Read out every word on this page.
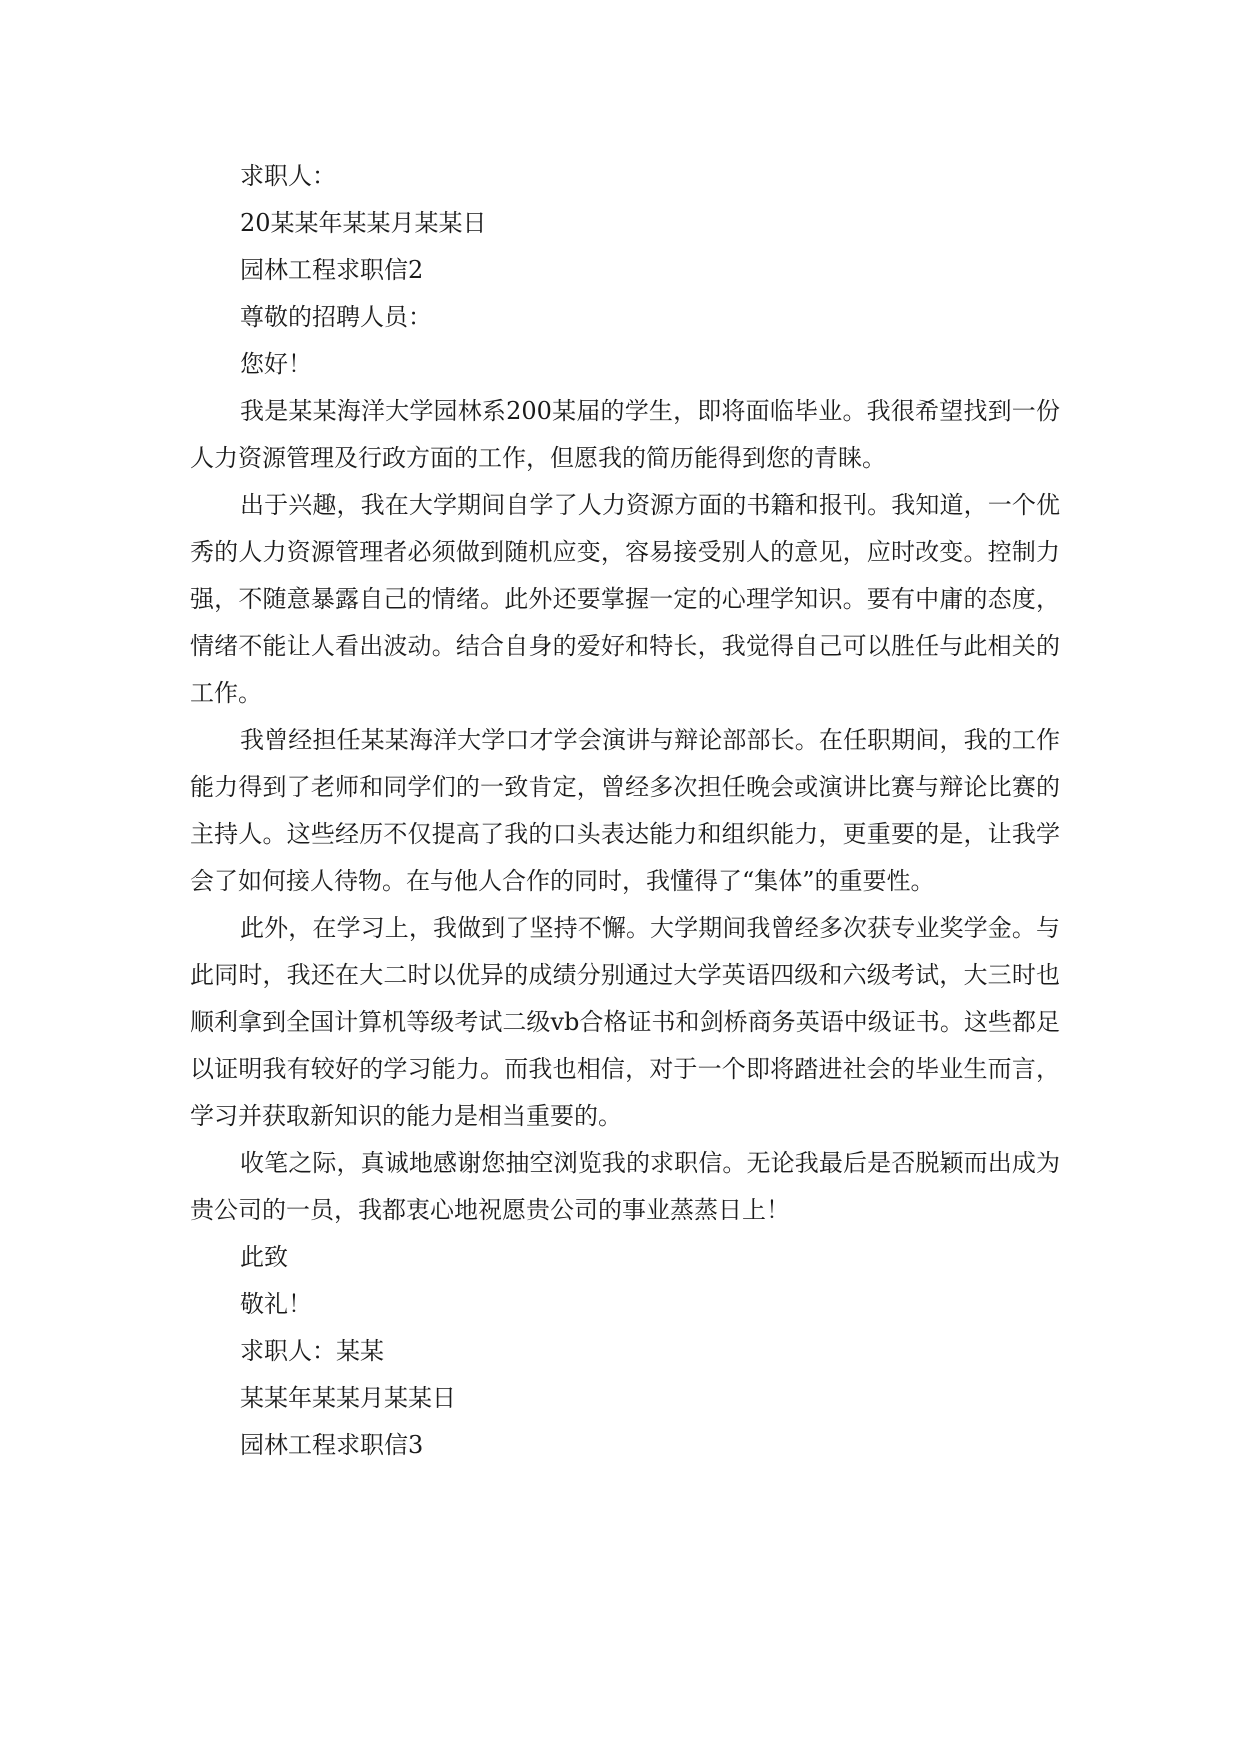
求职人：

20某某年某某月某某日

园林工程求职信2

尊敬的招聘人员：

您好！

我是某某海洋大学园林系200某届的学生，即将面临毕业。我很希望找到一份人力资源管理及行政方面的工作，但愿我的简历能得到您的青睐。

出于兴趣，我在大学期间自学了人力资源方面的书籍和报刊。我知道，一个优秀的人力资源管理者必须做到随机应变，容易接受别人的意见，应时改变。控制力强，不随意暴露自己的情绪。此外还要掌握一定的心理学知识。要有中庸的态度，情绪不能让人看出波动。结合自身的爱好和特长，我觉得自己可以胜任与此相关的工作。

我曾经担任某某海洋大学口才学会演讲与辩论部部长。在任职期间，我的工作能力得到了老师和同学们的一致肯定，曾经多次担任晚会或演讲比赛与辩论比赛的主持人。这些经历不仅提高了我的口头表达能力和组织能力，更重要的是，让我学会了如何接人待物。在与他人合作的同时，我懂得了“集体”的重要性。

此外，在学习上，我做到了坚持不懈。大学期间我曾经多次获专业奖学金。与此同时，我还在大二时以优异的成绩分别通过大学英语四级和六级考试，大三时也顺利拿到全国计算机等级考试二级vb合格证书和剑桥商务英语中级证书。这些都足以证明我有较好的学习能力。而我也相信，对于一个即将踏进社会的毕业生而言，学习并获取新知识的能力是相当重要的。

收笔之际，真诚地感谢您抽空浏览我的求职信。无论我最后是否脱颖而出成为贵公司的一员，我都衷心地祝愿贵公司的事业蒸蒸日上！

此致

敬礼！

求职人：某某

某某年某某月某某日

园林工程求职信3
